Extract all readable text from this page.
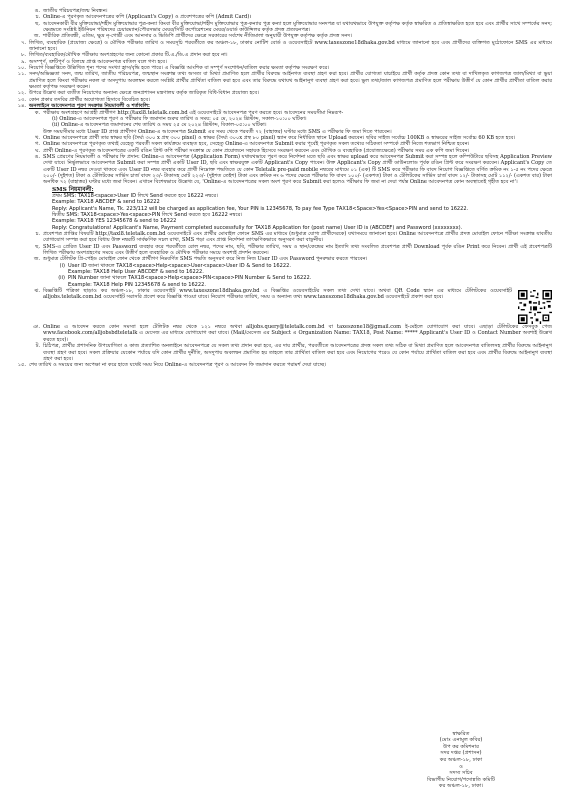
ঙ. জাতীয় পরিচয়পত্র/জন্ম নিবন্ধন।
চ. Online-এ পূরণকৃত আবেদনপত্রের কপি (Applicant's Copy) ও প্রবেশপত্রের কপি (Admit Card)।
ছ. আবেদনকারী বীর মুক্তিযোদ্ধা/শহীদ মুক্তিযোদ্ধার পুত্র-কন্যা কিংবা বীর মুক্তিযোদ্ধা/শহীদ মুক্তিযোদ্ধার পুত্র-কন্যার পুত্র কন্যা হলে মুক্তিযোদ্ধার সনদপত্র যা যথাযথভাবে উপযুক্ত কর্তৃপক্ষ কর্তৃক স্বাক্ষরিত ও প্রতিস্বাক্ষরিত হতে হবে এবং প্রার্থীর সাথে সম্পর্কের সনদ; ক্ষেত্রমতে সংশ্লিষ্ট ইউনিয়ন পরিষদের চেয়ারম্যান/পৌরসভার মেয়র/সিটি কর্পোরেশনের মেয়র/ওয়ার্ড কাউন্সিলর কর্তৃক প্রদত্ত প্রত্যয়নপত্র।
জ. শারীরিক প্রতিবন্ধী, এতিম, ক্ষুদ্র নৃ-গোষ্ঠী এবং আনসার ও ভিডিপি প্রার্থীদের ক্ষেত্রে সরকারের সর্বশেষ নীতিমালা অনুযায়ী উপযুক্ত কর্তৃপক্ষ কর্তৃক প্রদত্ত সনদ।
৭. লিখিত, ব্যবহারিক (প্রযোজ্য ক্ষেত্রে) ও মৌখিক পরীক্ষার তারিখ ও সময়সূচি পরবর্তীতে কর অঞ্চল-১৮, ঢাকার নোটিশ বোর্ড ও ওয়েবসাইটে www.taxeszone18dhaka.gov.bd মাধ্যমে জানানো হবে এবং প্রার্থীদের ব্যক্তিগত মুঠোফোনে SMS এর মাধ্যমে জানানো হবে।
৮. লিখিত/ব্যবহারিক/মৌখিক পরীক্ষায় অংশগ্রহণের জন্য কোনো প্রকার টি.এ./ডি.এ প্রদান করা হবে না।
৯. অসম্পূর্ণ, ত্রুটিপূর্ণ ও বিলম্বে প্রাপ্ত আবেদনপত্র বাতিল বলে গণ্য হবে।
১০. নিয়োগ বিজ্ঞপ্তিতে উল্লিখিত শূন্য পদের সংখ্যা হ্রাস/বৃদ্ধি হতে পারে। এ বিজ্ঞপ্তি আংশিক বা সম্পূর্ণ সংশোধন/বাতিল করার ক্ষমতা কর্তৃপক্ষ সংরক্ষণ করে।
১১. সনদ/অভিজ্ঞতা সনদ, জন্ম তারিখ, জাতীয় পরিচয়পত্র, জন্মস্থান সংক্রান্ত তথ্য অসত্য বা মিথ্যা প্রমাণিত হলে প্রার্থীর বিরুদ্ধে আইনগত ব্যবস্থা গ্রহণ করা হবে। প্রার্থীর যোগ্যতা যাচাইয়ে প্রার্থী কর্তৃক প্রদত্ত কোন তথ্য বা দাখিলকৃত কাগজপত্র জাল/মিথ্যা বা ভুয়া প্রমাণিত হলে কিংবা পরীক্ষায় নকল বা অসদুপায় অবলম্বন করলে সংশ্লিষ্ট প্রার্থীর প্রার্থিতা বাতিল করা হবে এবং তার বিরুদ্ধে যথাযথ আইনানুগ ব্যবস্থা গ্রহণ করা হবে। ভুল তথ্য/জাল কাগজপত্র প্রমাণিত হলে পরীক্ষায় উত্তীর্ণ যে কোন প্রার্থীর প্রার্থীতা বাতিল করার ক্ষমতা কর্তৃপক্ষ সংরক্ষণ করেন।
১২. উপরে উল্লেখ করা ব্যতীত নিয়োগের অন্যান্য ক্ষেত্রে জনপ্রশাসন মন্ত্রণালয় কর্তৃক জারিকৃত বিধি-বিধান প্রযোজ্য হবে।
১৩. কোন প্রকার তদবির প্রার্থীর অযোগ্যতা হিসাবে বিবেচিত হবে।
১৪. অনলাইনে আবেদনপত্র পূরণ সংক্রান্ত নিয়মাবলী ও শর্তাবলি:
ক. পরীক্ষায় অংশগ্রহণে আগ্রহী প্রার্থীগণ http://taxl8.teletalk.com.bd এই ওয়েবসাইটে আবেদনপত্র পূরণ করতে হবে। আবেদনের সময়সীমা নিম্নরূপ-
(i) Online-এ আবেদনপত্র পূরণ ও পরীক্ষার ফি জমাদান শুরুর তারিখ ও সময়: ০৫ মে, ২০২৪ খ্রিস্টাব্দ, সকাল-১০:০০ ঘটিকা।
(ii) Online-এ আবেদনপত্র জমাদানের শেষ তারিখ ও সময় ২৫ মে ২০২৪ খ্রিস্টাব্দ, বিকাল-০৫:০০ ঘটিকা।
উক্ত সময়সীমার মধ্যে User ID প্রাপ্ত প্রার্থীগণ Online-এ আবেদনপত্র Submit এর সময় থেকে পরবর্তী ৭২ (বাহাত্তর) ঘণ্টার মধ্যে SMS এ পরীক্ষার ফি জমা দিতে পারবেন।
খ. Online আবেদনপত্রে প্রার্থী তার স্বাক্ষর ছবি (দৈর্ঘ্য ৩০০ x প্রস্থ ৩০০ pixel) ও স্বাক্ষর (দৈর্ঘ্য ৩০০x প্রস্থ ৮০ pixel) স্ক্যান করে নির্ধারিত স্থানে Upload করবেন। ছবির সাইজ সর্বোচ্চ 100KB ও স্বাক্ষরের সাইজ সর্বোচ্চ 60 KB হতে হবে।
গ. Online আবেদনপত্রে পূরণকৃত তথ্যই যেহেতু পরবর্তী সকল কার্যক্রমে ব্যবহৃত হবে, সেহেতু Online-এ আবেদনপত্র Submit করার পূর্বেই পূরণকৃত সকল তথ্যের সঠিকতা সম্পর্কে প্রার্থী নিজে শতভাগ নিশ্চিত হবেন।
ঘ. প্রার্থী Online-এ পূরণকৃত আবেদনপত্রের একটি রঙিন প্রিন্ট কপি পরীক্ষা সংক্রান্ত যে কোন প্রয়োজনে সহায়ক হিসেবে সংরক্ষণ করবেন এবং মৌখিক ও ব্যবহারিক (প্রযোজ্যক্ষেত্রে) পরীক্ষার সময় এক কপি জমা দিবেন।
ঙ. SMS প্রেরণের নিয়মাবলী ও পরীক্ষার ফি প্রদান: Online-এ আবেদনপত্র (Application Form) যথাযথভাবে পূরণ করে নির্দেশনা মতে ছবি এবং স্বাক্ষর upload করে আবেদনপত্র Submit করা সম্পন্ন হলে কম্পিউটারে ছবিসহ Application Preview দেখা যাবে। নির্ভুলভাবে আবেদনপত্র Submit করা সম্পন্ন প্রার্থী একটি User ID, ছবি এবং স্বাক্ষরযুক্ত একটি Applicant's Copy পাবেন। উক্ত Applicant's Copy প্রার্থী ডাউনলোড পূর্বক রঙিন প্রিন্ট করে সংরক্ষণ করবেন। Applicant's Copy তে একটি User ID নম্বর দেওয়া থাকবে এবং User ID নম্বর ব্যবহার করে প্রার্থী নিম্নোক্ত পদ্ধতিতে যে কোন Teletalk pre-paid mobile নম্বরের মাধ্যমে ০১ (এক) টি SMS করে পরীক্ষার ফি বাবদ নিয়োগ বিজ্ঞপ্তিতে বর্ণিত ক্রমিক নং ১-৫ নং পদের ক্ষেত্রে ২০০/- (দুইশত) টাকা ও টেলিটকের সার্ভিস চার্জ বাবদ ২৩/- টাকাসহ মোট ২২৩/- (দুইশত তেইশ) টাকা এবং ক্রমিক নং ৬ পদের ক্ষেত্রে পরীক্ষার ফি বাবদ ১০০/- (একশত) টাকা ও টেলিটকের সার্ভিস চার্জ বাবদ ১২/- টাকাসহ মোট ১১২/- (একশত বার) টাকা অনধিক ৭২ (বাহাত্তর) ঘণ্টার মধ্যে জমা দিবেন। এখানে বিশেষভাবে উল্লেখ্য যে, 'Online-এ আবেদনপত্রের সকল অংশ পূরণ করে Submit করা হলেও পরীক্ষার ফি জমা না দেয়া পর্যন্ত Online আবেদনপত্র কোন অবস্থাতেই গৃহীত হবে না'।
SMS নিয়মাবলী:
প্রথম SMS: TAX18<space>User ID লিখে Send করতে হবে 16222 নম্বরে।
Example: TAX18 ABCDEF & send to 16222
Reply: Applicant's Name, Tk. 223/112 will be charged as application fee, Your PIN is 12345678, To pay fee Type TAX18<Space>Yes<Space>PIN and send to 16222.
দ্বিতীয় SMS: TAX18<space>Yes<space>PIN লিখে Send করতে হবে 16222 নম্বরে।
Example: TAX18 YES 12345678 & send to 16222
Reply: Congratulations! Applicant's Name, Payment completed successfully for TAX18 Application for (post name) User ID is (ABCDEF) and Password (xxxxxxxx).
চ. প্রবেশপত্র প্রাপ্তির বিষয়টি http://taxl8.teletalk.com.bd ওয়েবসাইটে এবং প্রার্থীর মোবাইল ফোনে SMS এর মাধ্যমে (শুধুমাত্র যোগ্য প্রার্থীদেরকে) যথাসময়ে জানানো হবে। Online আবেদনপত্রে প্রার্থীর প্রদত্ত মোবাইল ফোনে পরীক্ষা সংক্রান্ত যাবতীয় যোগাযোগ সম্পন্ন করা হবে বিধায় উক্ত নম্বরটি সার্বক্ষণিক সচল রাখা, SMS পড়া এবং প্রাপ্ত নির্দেশনা তাৎক্ষণিকভাবে অনুসরণ করা বাঞ্ছনীয়।
ছ. SMS-এ প্রেরিত User ID এবং Password ব্যবহার করে পরবর্তীতে রোল নম্বর, পদের নাম, ছবি, পরীক্ষার তারিখ, সময় ও স্থান/কেন্দ্রের নাম ইত্যাদি তথ্য সংবলিত প্রবেশপত্র প্রার্থী Download পূর্বক রঙিন Print করে নিবেন। প্রার্থী এই প্রবেশপত্রটি লিখিত পরীক্ষায় অংশগ্রহণের সময়ে এবং উত্তীর্ণ হলে ব্যবহারিক ও মৌখিক পরীক্ষার সময়ে অবশ্যই প্রদর্শন করবেন।
জ. শুধুমাত্র টেলিটক প্রি-পেইড মোবাইল ফোন থেকে প্রার্থীগণ নিম্নবর্ণিত SMS পদ্ধতি অনুসরণ করে নিজ নিজ User ID এবং Password পুনরুদ্ধার করতে পারবেন।
(i) User ID জানা থাকলে TAX18<space>Help<space>User<space>User ID & Send to 16222.
Example: TAX18 Help User ABCDEF & send to 16222.
(ii) PIN Number জানা থাকলে TAX18<space>Help<space>PIN<space>PIN Number & Send to 16222.
Example: TAX18 Help PIN 12345678 & send to 16222.
ঝ. বিজ্ঞপ্তিটি পত্রিকা ছাড়াও কর অঞ্চল-১৮, ঢাকার ওয়েবসাইট www.taxeszone18dhaka.gov.bd এ বিজ্ঞপ্তির ওয়েবসাইটের সকল তথ্য দেখা যাবে। অথবা QR Code স্ক্যান এর মাধ্যমে টেলিটকের ওয়েবসাইট alljobs.teletalk.com.bd ওয়েবসাইট সরাসরি প্রবেশ করে বিজ্ঞপ্তি পাওয়া যাবে। নিয়োগ পরীক্ষার তারিখ, সময় ও অন্যান্য তথ্য www.taxeszone18dhaka.gov.bd ওয়েবসাইটে প্রকাশ করা হবে।
ঞ. Online এ আবেদন করতে কোন সমস্যা হলে টেলিটক নম্বর থেকে ১২১ নম্বরে অথবা alljobs.query@teletalk.com.bd বা taxeszone18@gmail.com ই-মেইলে যোগাযোগ করা যাবে। এছাড়া টেলিটকের ফেসবুক পেজ www.facebook.com/alljobsbdteletalk এ মেসেজ এর মাধ্যমে যোগাযোগ করা যাবে। (Mail/মেসেজ এর Subject এ Organization Name: TAX18, Post Name: ***** Applicant's User ID ও Contact Number অবশ্যই উল্লেখ করতে হবে)।
ট. চিঠিপত্র, প্রার্থীর প্রশাসনিক উপযোগিতা ও কাজ প্রত্যাশিত অনলাইনে আবেদনপত্রে যে সকল তথ্য প্রদান করা হবে, এর দায় প্রার্থীর, পরবর্তীতে আবেদনপত্রের প্রদত্ত সকল তথ্য সঠিক বা মিথ্যা প্রমাণিত হলে আবেদনপত্র বাতিলসহ প্রার্থীর বিরুদ্ধে আইনানুগ ব্যবস্থা গ্রহণ করা হবে। সকল প্রক্রিয়ার যেকোন পর্যায়ে যদি কোন প্রার্থীর দুর্নীতি, অসদুপায় অবলম্বন প্রমাণিত হয় তাহলে তার প্রার্থিতা বাতিল করা হবে এবং নিয়োগের পরেও যে কোন পর্যায়ে প্রার্থিতা বাতিল করা হবে এবং প্রার্থীর বিরুদ্ধে আইনানুগ ব্যবস্থা গ্রহণ করা হবে।
১৫. শেষ তারিখ ও সময়ের জন্য অপেক্ষা না করে হাতে যথেষ্ট সময় নিয়ে Online-এ আবেদনপত্র পূরণ ও আবেদন ফি জমাদান করতে পরামর্শ দেয়া যাচ্ছে।
স্বাক্ষরিত
(মোঃ এনামুল কবির)
উপ কর কমিশনার
সদর দপ্তর (প্রশাসন)
কর অঞ্চল-১৮, ঢাকা
ও
সদস্য সচিব
বিভাগীয় নিয়োগ/পদোন্নতি কমিটি
কর অঞ্চল-১৮, ঢাকা।
